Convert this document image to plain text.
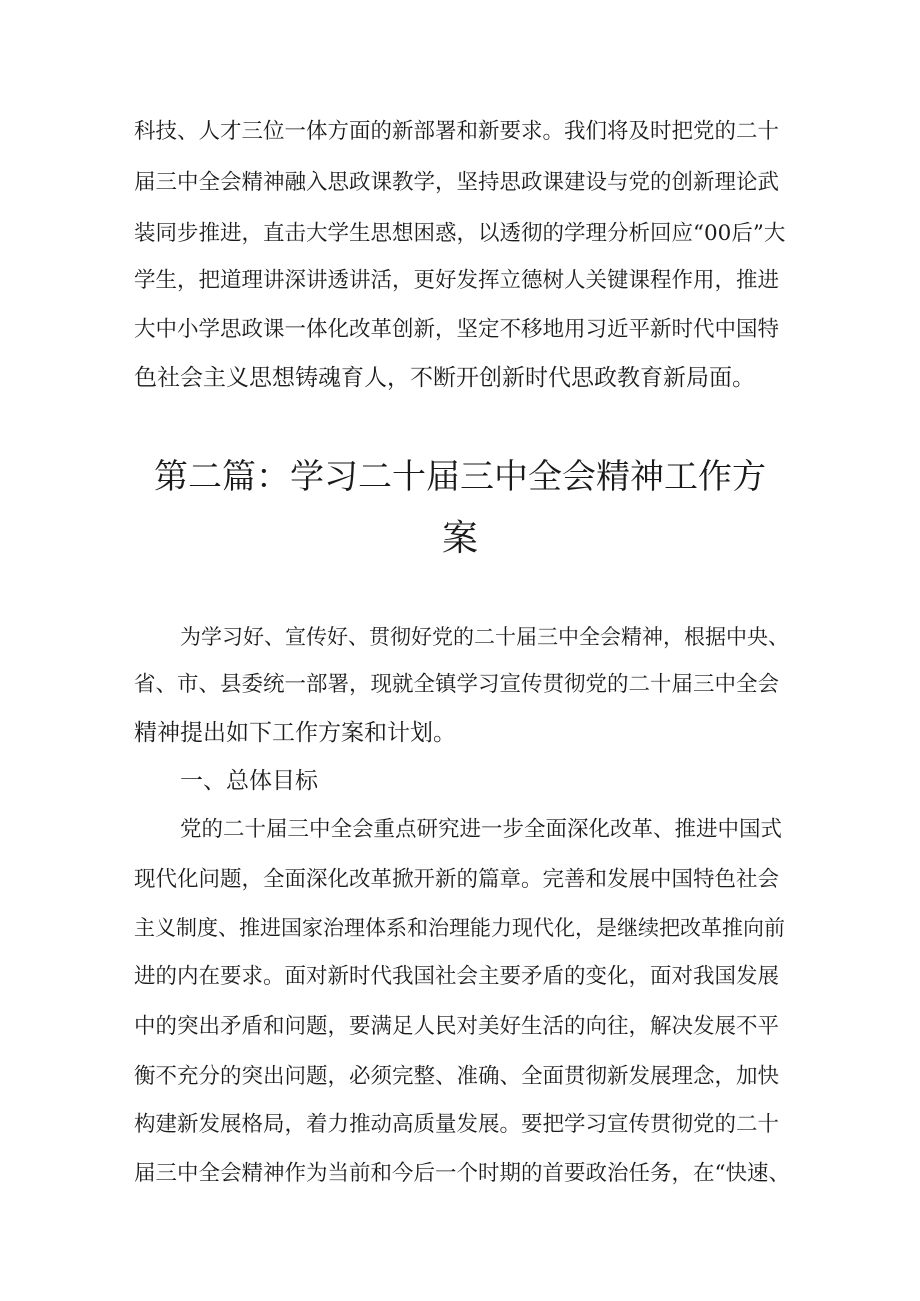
科技、人才三位一体方面的新部署和新要求。我们将及时把党的二十
届三中全会精神融入思政课教学，坚持思政课建设与党的创新理论武
装同步推进，直击大学生思想困惑，以透彻的学理分析回应“00后”大
学生，把道理讲深讲透讲活，更好发挥立德树人关键课程作用，推进
大中小学思政课一体化改革创新，坚定不移地用习近平新时代中国特
色社会主义思想铸魂育人，不断开创新时代思政教育新局面。
第二篇：学习二十届三中全会精神工作方
案
为学习好、宣传好、贯彻好党的二十届三中全会精神，根据中央、
省、市、县委统一部署，现就全镇学习宣传贯彻党的二十届三中全会
精神提出如下工作方案和计划。
一、总体目标
党的二十届三中全会重点研究进一步全面深化改革、推进中国式
现代化问题，全面深化改革掀开新的篇章。完善和发展中国特色社会
主义制度、推进国家治理体系和治理能力现代化，是继续把改革推向前
进的内在要求。面对新时代我国社会主要矛盾的变化，面对我国发展
中的突出矛盾和问题，要满足人民对美好生活的向往，解决发展不平
衡不充分的突出问题，必须完整、准确、全面贯彻新发展理念，加快
构建新发展格局，着力推动高质量发展。要把学习宣传贯彻党的二十
届三中全会精神作为当前和今后一个时期的首要政治任务，在“快速、
